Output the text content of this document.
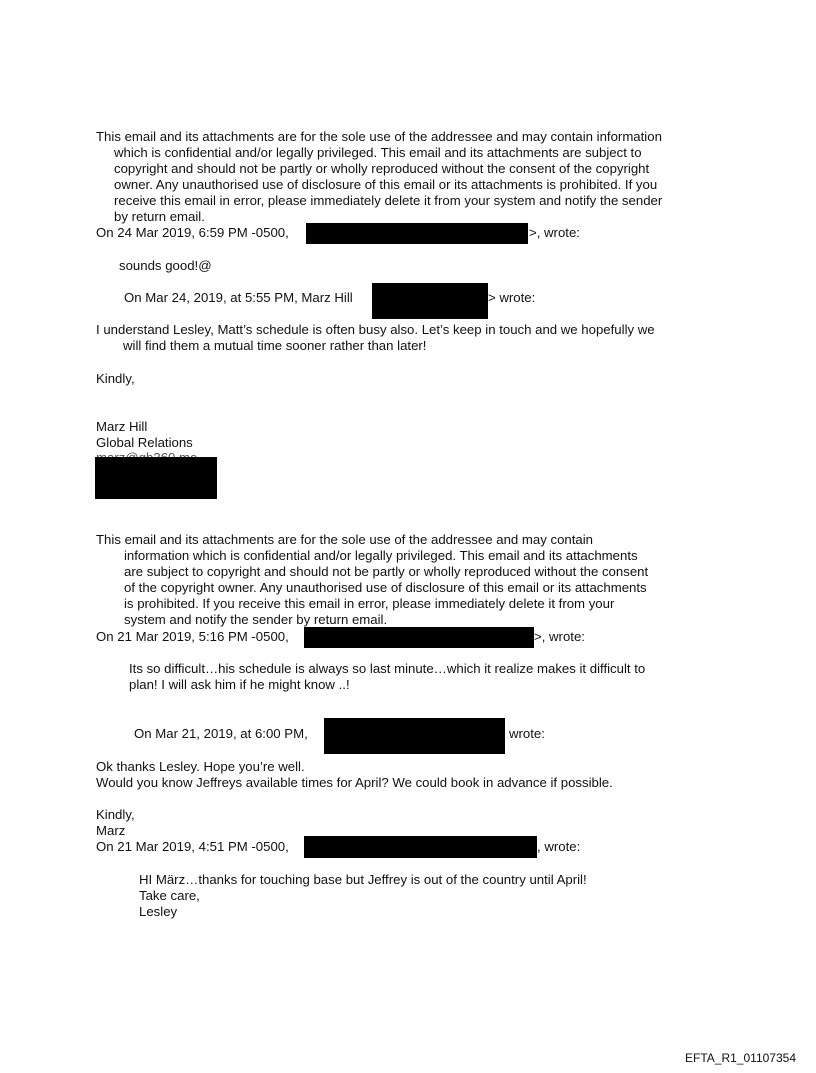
This email and its attachments are for the sole use of the addressee and may contain information
which is confidential and/or legally privileged. This email and its attachments are subject to
copyright and should not be partly or wholly reproduced without the consent of the copyright
owner. Any unauthorised use of disclosure of this email or its attachments is prohibited. If you
receive this email in error, please immediately delete it from your system and notify the sender
by return email.
On 24 Mar 2019, 6:59 PM -0500,	>, wrote:
sounds good!@
On Mar 24, 2019, at 5:55 PM, Marz Hill	> wrote:
I understand Lesley, Matt’s schedule is often busy also. Let’s keep in touch and we hopefully we
will find them a mutual time sooner rather than later!
Kindly,
Marz Hill
Global Relations
This email and its attachments are for the sole use of the addressee and may contain
information which is confidential and/or legally privileged. This email and its attachments
are subject to copyright and should not be partly or wholly reproduced without the consent
of the copyright owner. Any unauthorised use of disclosure of this email or its attachments
is prohibited. If you receive this email in error, please immediately delete it from your
system and notify the sender by return email.
On 21 Mar 2019, 5:16 PM -0500,	>, wrote:
Its so difficult…his schedule is always so last minute…which it realize makes it difficult to
plan! I will ask him if he might know ..!
On Mar 21, 2019, at 6:00 PM,	wrote:
Ok thanks Lesley. Hope you’re well.
Would you know Jeffreys available times for April? We could book in advance if possible.
Kindly,
Marz
On 21 Mar 2019, 4:51 PM -0500,	, wrote:
HI März…thanks for touching base but Jeffrey is out of the country until April!
Take care,
Lesley
EFTA_R1_01107354
